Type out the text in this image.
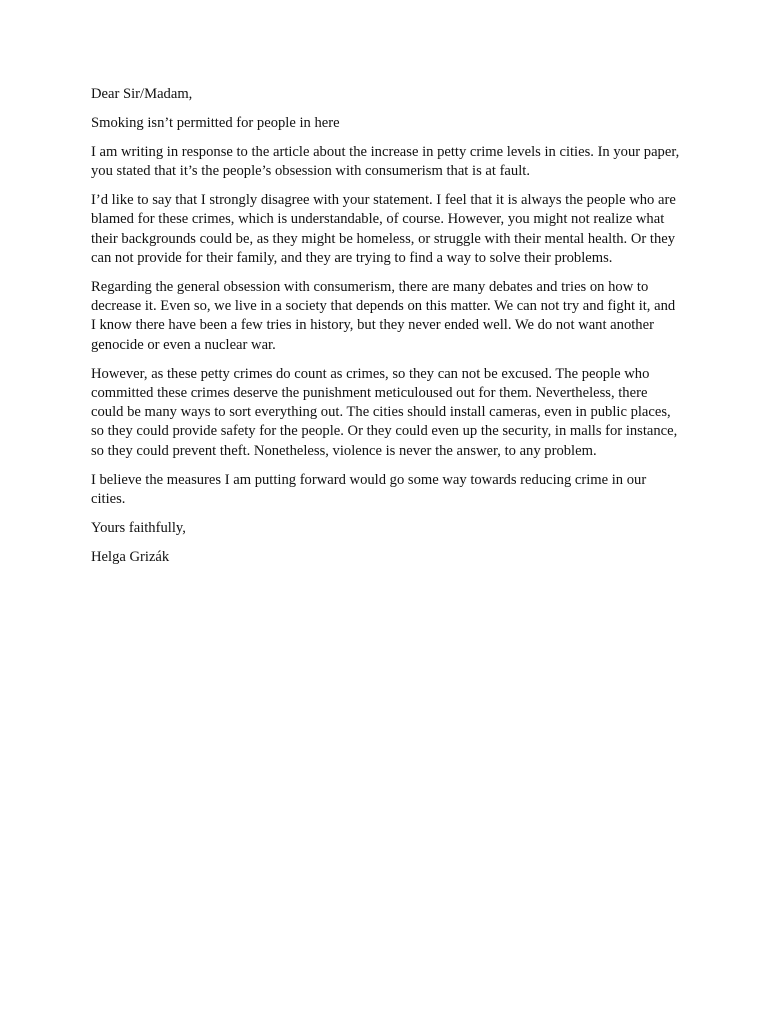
Dear Sir/Madam,

Smoking isn’t permitted for people in here

I am writing in response to the article about the increase in petty crime levels in cities. In your paper, you stated that it’s the people’s obsession with consumerism that is at fault.

I’d like to say that I strongly disagree with your statement. I feel that it is always the people who are blamed for these crimes, which is understandable, of course. However, you might not realize what their backgrounds could be, as they might be homeless, or struggle with their mental health. Or they can not provide for their family, and they are trying to find a way to solve their problems.

Regarding the general obsession with consumerism, there are many debates and tries on how to decrease it. Even so, we live in a society that depends on this matter. We can not try and fight it, and I know there have been a few tries in history, but they never ended well. We do not want another genocide or even a nuclear war.

However, as these petty crimes do count as crimes, so they can not be excused. The people who committed these crimes deserve the punishment meticuloused out for them. Nevertheless, there could be many ways to sort everything out. The cities should install cameras, even in public places, so they could provide safety for the people. Or they could even up the security, in malls for instance, so they could prevent theft. Nonetheless, violence is never the answer, to any problem.

I believe the measures I am putting forward would go some way towards reducing crime in our cities.

Yours faithfully,

Helga Grizák
